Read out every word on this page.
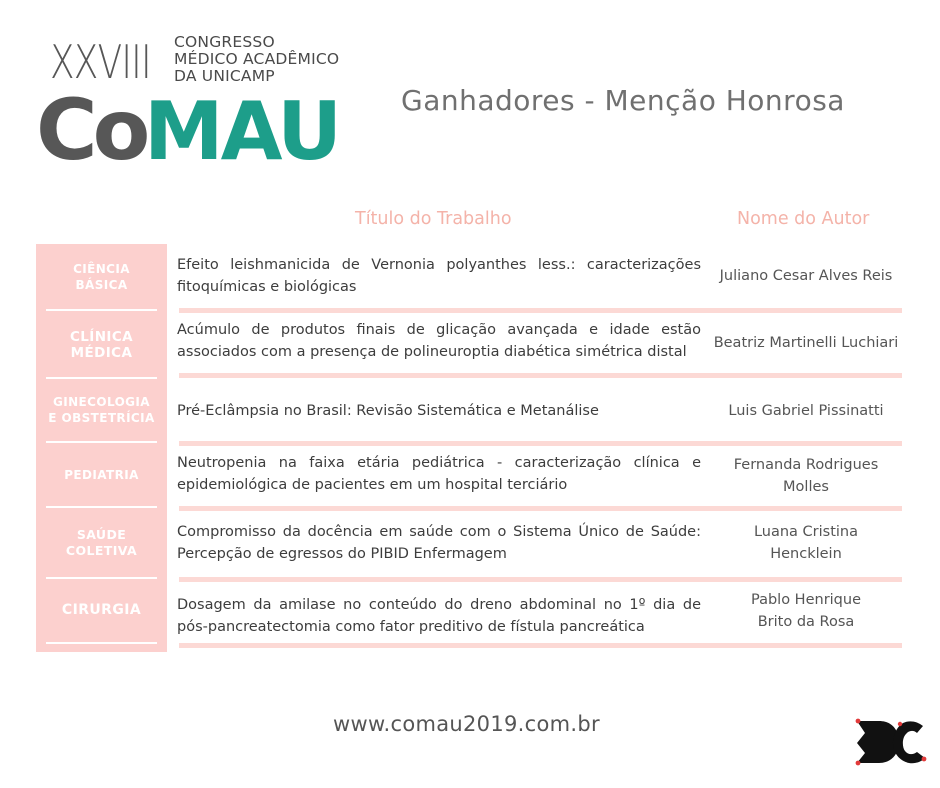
XXVIII CONGRESSO
MÉDICO ACADÊMICO
DA UNICAMP
Co
MAU Ganhadores - Menção Honrosa
Título do Trabalho	Nome do Autor
CIÊNCIA
BÁSICA
CLÍNICA
MÉDICA
GINECOLOGIA
E OBSTETRÍCIA
PEDIATRIA
SAÚDE
COLETIVA
CIRURGIA
Efeito leishmanicida de Vernonia polyanthes less.: caracterizações fitoquímicas e biológicas
Juliano Cesar Alves Reis
Acúmulo de produtos finais de glicação avançada e idade estão associados com a presença de polineuroptia diabética simétrica distal
Beatriz Martinelli Luchiari
Pré-Eclâmpsia no Brasil: Revisão Sistemática e Metanálise	Luis Gabriel Pissinatti
Neutropenia na faixa etária pediátrica - caracterização clínica e epidemiológica de pacientes em um hospital terciário
Fernanda Rodrigues
Molles
Compromisso da docência em saúde com o Sistema Único de Saúde: Percepção de egressos do PIBID Enfermagem
Luana Cristina
Hencklein
Dosagem da amilase no conteúdo do dreno abdominal no 1º dia de pós-pancreatectomia como fator preditivo de fístula pancreática
Pablo Henrique
Brito da Rosa
www.comau2019.com.br
